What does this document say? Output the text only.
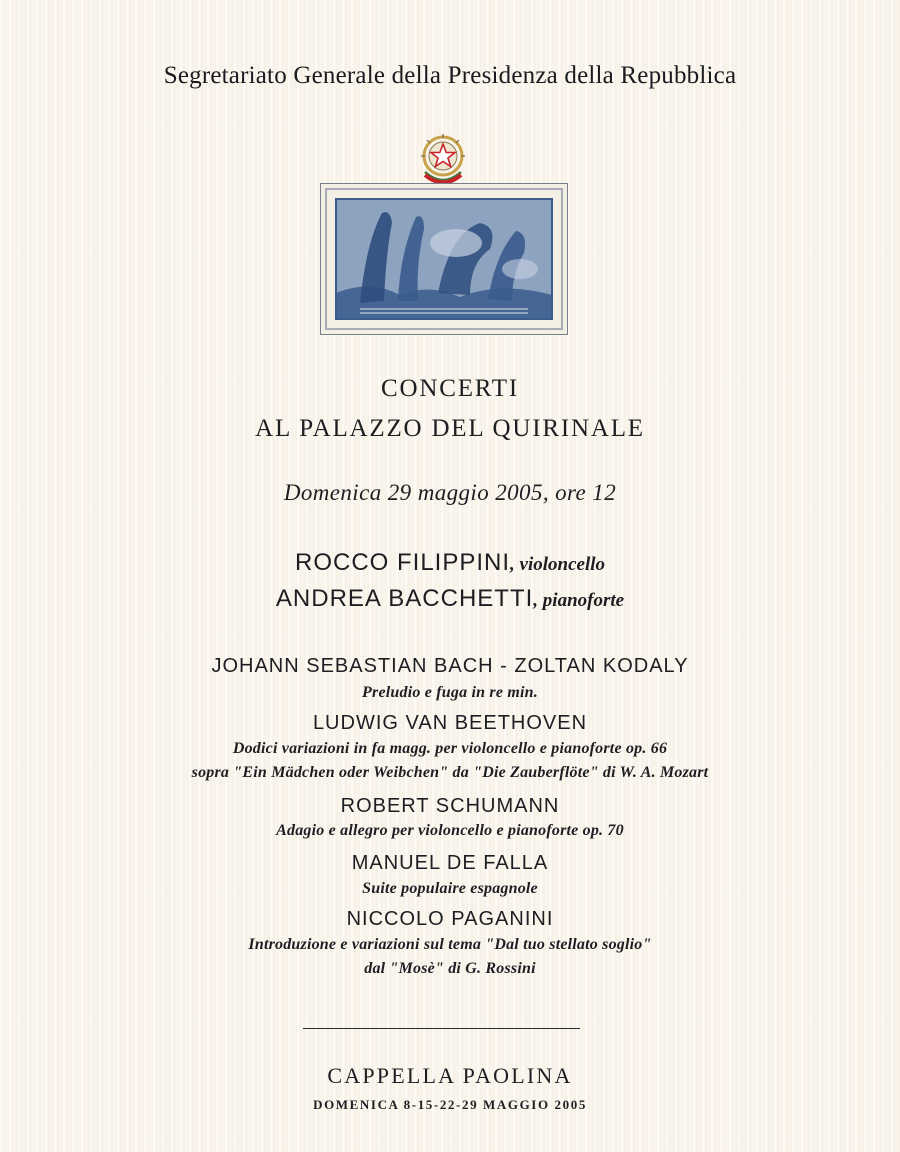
Segretariato Generale della Presidenza della Repubblica
CONCERTI
AL PALAZZO DEL QUIRINALE
Domenica 29 maggio 2005, ore 12
ROCCO FILIPPINI, violoncello
ANDREA BACCHETTI, pianoforte
JOHANN SEBASTIAN BACH - ZOLTAN KODALY
Preludio e fuga in re min.
LUDWIG VAN BEETHOVEN
Dodici variazioni in fa magg. per violoncello e pianoforte op. 66
sopra "Ein Mädchen oder Weibchen" da "Die Zauberflöte" di W. A. Mozart
ROBERT SCHUMANN
Adagio e allegro per violoncello e pianoforte op. 70
MANUEL DE FALLA
Suite populaire espagnole
NICCOLO PAGANINI
Introduzione e variazioni sul tema "Dal tuo stellato soglio"
dal "Mosè" di G. Rossini
CAPPELLA PAOLINA
DOMENICA 8-15-22-29 MAGGIO 2005
